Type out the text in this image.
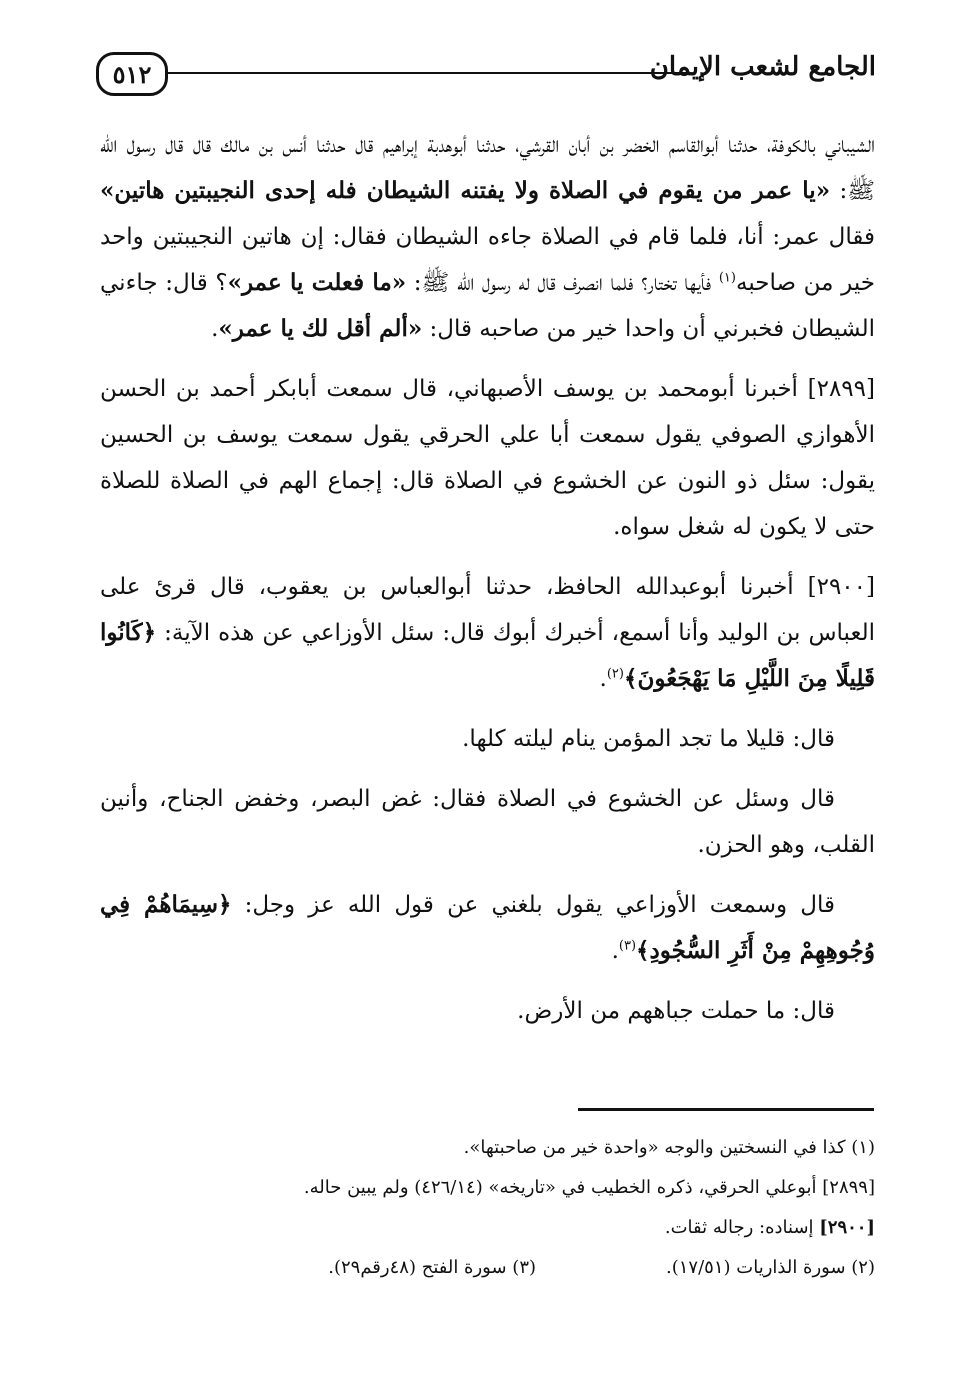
٥١٢	الجامع لشعب الإيمان

الشيباني بالكوفة، حدثنا أبوالقاسم الخضر بن أبان القرشي، حدثنا أبوهدبة إبراهيم قال حدثنا أنس بن مالك قال قال رسول الله ﷺ: «يا عمر من يقوم في الصلاة ولا يفتنه الشيطان فله إحدى النجيبتين هاتين» فقال عمر: أنا، فلما قام في الصلاة جاءه الشيطان فقال: إن هاتين النجيبتين واحد خير من صاحبه$^{(١)}$ فأيها تختار؟ فلما انصرف قال له رسول الله ﷺ: «ما فعلت يا عمر»؟ قال: جاءني الشيطان فخبرني أن واحدا خير من صاحبه قال: «ألم أقل لك يا عمر».

[٢٨٩٩] أخبرنا أبومحمد بن يوسف الأصبهاني، قال سمعت أبابكر أحمد بن الحسن الأهوازي الصوفي يقول سمعت أبا علي الحرقي يقول سمعت يوسف بن الحسين يقول: سئل ذو النون عن الخشوع في الصلاة قال: إجماع الهم في الصلاة للصلاة حتى لا يكون له شغل سواه.

[٢٩٠٠] أخبرنا أبوعبدالله الحافظ، حدثنا أبوالعباس بن يعقوب، قال قرئ على العباس بن الوليد وأنا أسمع، أخبرك أبوك قال: سئل الأوزاعي عن هذه الآية: ﴿كَانُوا قَلِيلًا مِنَ اللَّيْلِ مَا يَهْجَعُونَ﴾$^{(٢)}$.

قال: قليلا ما تجد المؤمن ينام ليلته كلها.

قال وسئل عن الخشوع في الصلاة فقال: غض البصر، وخفض الجناح، وأنين القلب، وهو الحزن.

قال وسمعت الأوزاعي يقول بلغني عن قول الله عز وجل: ﴿سِيمَاهُمْ فِي وُجُوهِهِمْ مِنْ أَثَرِ السُّجُودِ﴾$^{(٣)}$.

قال: ما حملت جباههم من الأرض.

(١) كذا في النسختين والوجه «واحدة خير من صاحبتها».

[٢٨٩٩] أبوعلي الحرقي، ذكره الخطيب في «تاريخه» (٤٢٦/١٤) ولم يبين حاله.

[٢٩٠٠] إسناده: رجاله ثقات.

(٢) سورة الذاريات (١٧/٥١).

(٣) سورة الفتح (٤٨رقم٢٩).
